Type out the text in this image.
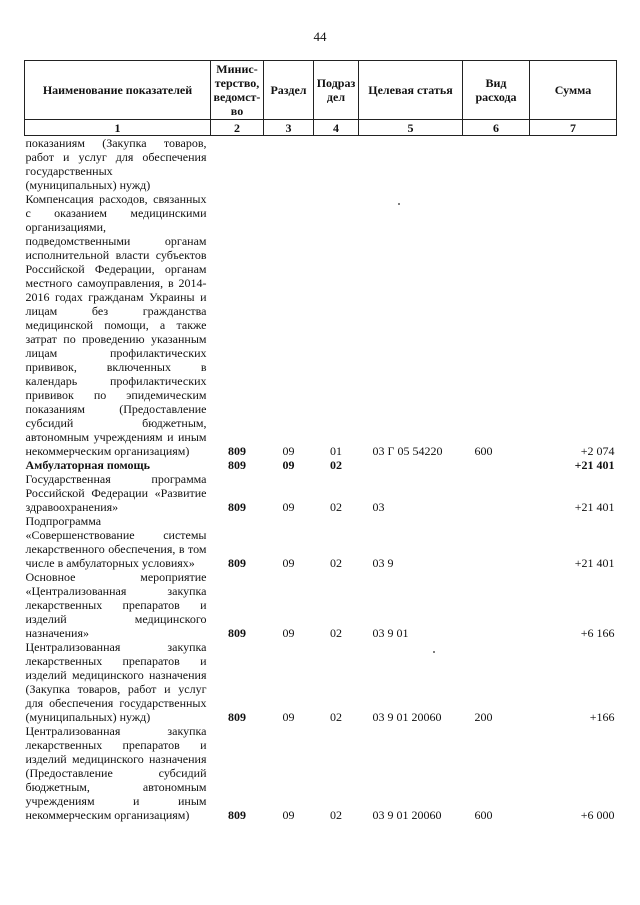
44
Наименование показателей	Минис-терство, ведомст-во	Раздел	Подраз дел	Целевая статья	Вид расхода	Сумма
1	2	3	4	5	6	7
показаниям (Закупка товаров, работ и услуг для обеспечения государственных (муниципальных) нужд)						
Компенсация расходов, связанных с оказанием медицинскими организациями, подведомственными органам исполнительной власти субъектов Российской Федерации, органам местного самоуправления, в 2014-2016 годах гражданам Украины и лицам без гражданства медицинской помощи, а также затрат по проведению указанным лицам профилактических прививок, включенных в календарь профилактических прививок по эпидемическим показаниям (Предоставление субсидий бюджетным, автономным учреждениям и иным некоммерческим организациям)	809	09	01	03 Г 05 54220	600	+2 074
Амбулаторная помощь	809	09	02			+21 401
Государственная программа Российской Федерации «Развитие здравоохранения»	809	09	02	03		+21 401
Подпрограмма «Совершенствование системы лекарственного обеспечения, в том числе в амбулаторных условиях»	809	09	02	03 9		+21 401
Основное мероприятие «Централизованная закупка лекарственных препаратов и изделий медицинского назначения»	809	09	02	03 9 01		+6 166
Централизованная закупка лекарственных препаратов и изделий медицинского назначения (Закупка товаров, работ и услуг для обеспечения государственных (муниципальных) нужд)	809	09	02	03 9 01 20060	200	+166
Централизованная закупка лекарственных препаратов и изделий медицинского назначения (Предоставление субсидий бюджетным, автономным учреждениям и иным некоммерческим организациям)	809	09	02	03 9 01 20060	600	+6 000
